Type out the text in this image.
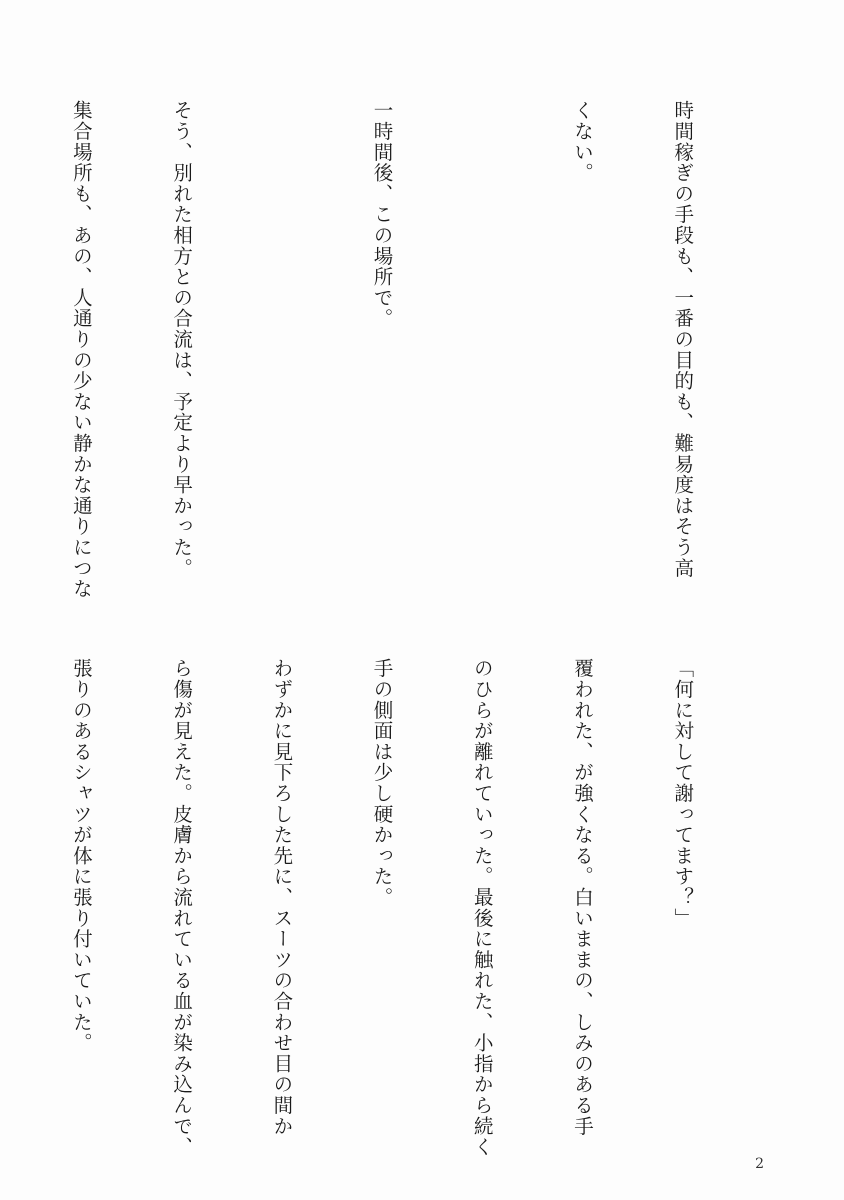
時間稼ぎの手段も、一番の目的も、難易度はそう高

くない。

一時間後、この場所で。

そう、別れた相方との合流は、予定より早かった。

集合場所も、あの、人通りの少ない静かな通りにつな

「何に対して謝ってます？」

覆われた、が強くなる。白いままの、しみのある手

のひらが離れていった。最後に触れた、小指から続く

手の側面は少し硬かった。

わずかに見下ろした先に、スーツの合わせ目の間か

ら傷が見えた。皮膚から流れている血が染み込んで、

張りのあるシャツが体に張り付いていた。

2
